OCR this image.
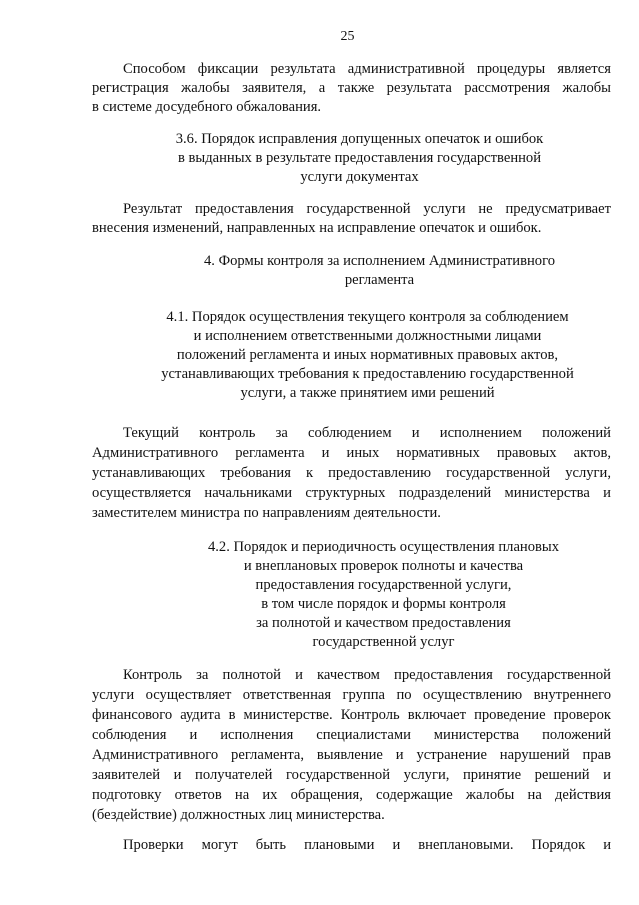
25
Способом фиксации результата административной процедуры является
регистрация жалобы заявителя, а также результата рассмотрения жалобы
в системе досудебного обжалования.
3.6. Порядок исправления допущенных опечаток и ошибок
в выданных в результате предоставления государственной
услуги документах
Результат предоставления государственной услуги не предусматривает
внесения изменений, направленных на исправление опечаток и ошибок.
4. Формы контроля за исполнением Административного
регламента
4.1. Порядок осуществления текущего контроля за соблюдением
и исполнением ответственными должностными лицами
положений регламента и иных нормативных правовых актов,
устанавливающих требования к предоставлению государственной
услуги, а также принятием ими решений
Текущий контроль за соблюдением и исполнением положений
Административного регламента и иных нормативных правовых актов,
устанавливающих требования к предоставлению государственной услуги,
осуществляется начальниками структурных подразделений министерства и
заместителем министра по направлениям деятельности.
4.2. Порядок и периодичность осуществления плановых
и внеплановых проверок полноты и качества
предоставления государственной услуги,
в том числе порядок и формы контроля
за полнотой и качеством предоставления
государственной услуг
Контроль за полнотой и качеством предоставления государственной
услуги осуществляет ответственная группа по осуществлению внутреннего
финансового аудита в министерстве. Контроль включает проведение проверок
соблюдения и исполнения специалистами министерства положений
Административного регламента, выявление и устранение нарушений прав
заявителей и получателей государственной услуги, принятие решений и
подготовку ответов на их обращения, содержащие жалобы на действия
(бездействие) должностных лиц министерства.
Проверки могут быть плановыми и внеплановыми. Порядок и
